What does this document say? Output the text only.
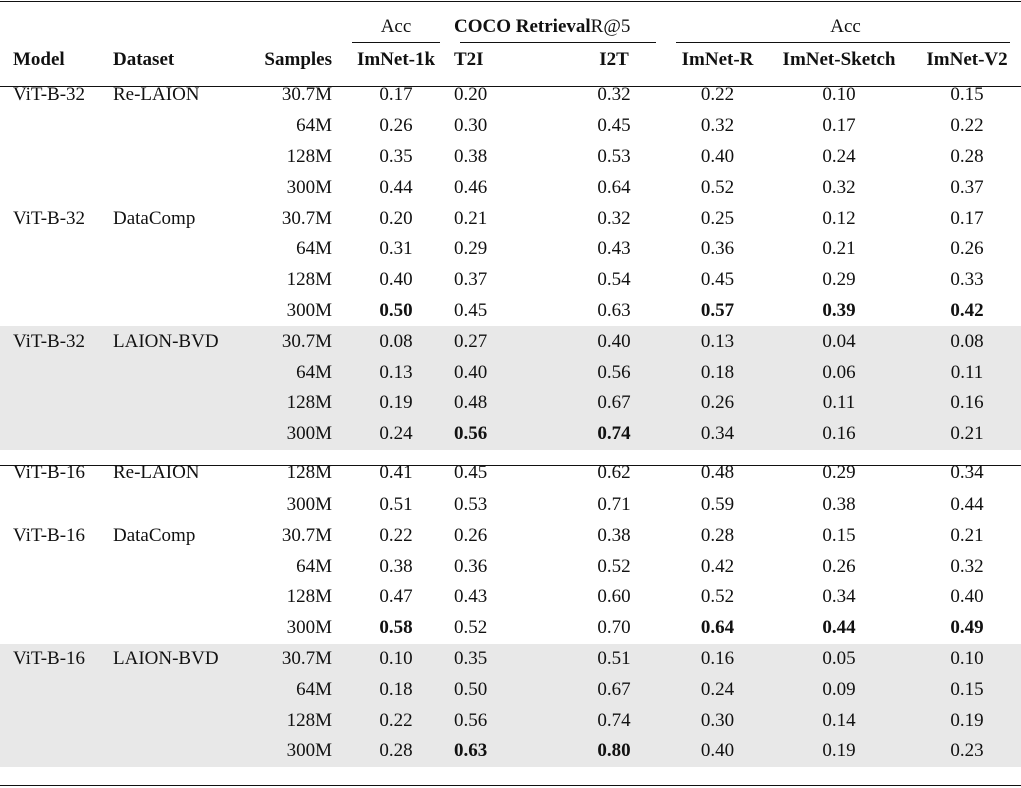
			Acc	COCO RetrievalR@5		Acc		
Model	Dataset	Samples	ImNet-1k	T2I	I2T	ImNet-R	ImNet-Sketch	ImNet-V2
ViT-B-32	Re-LAION	30.7M	0.17	0.20	0.32	0.22	0.10	0.15
		64M	0.26	0.30	0.45	0.32	0.17	0.22
		128M	0.35	0.38	0.53	0.40	0.24	0.28
		300M	0.44	0.46	0.64	0.52	0.32	0.37
ViT-B-32	DataComp	30.7M	0.20	0.21	0.32	0.25	0.12	0.17
		64M	0.31	0.29	0.43	0.36	0.21	0.26
		128M	0.40	0.37	0.54	0.45	0.29	0.33
		300M	0.50	0.45	0.63	0.57	0.39	0.42
ViT-B-32	LAION-BVD	30.7M	0.08	0.27	0.40	0.13	0.04	0.08
		64M	0.13	0.40	0.56	0.18	0.06	0.11
		128M	0.19	0.48	0.67	0.26	0.11	0.16
		300M	0.24	0.56	0.74	0.34	0.16	0.21
ViT-B-16	Re-LAION	128M	0.41	0.45	0.62	0.48	0.29	0.34
		300M	0.51	0.53	0.71	0.59	0.38	0.44
ViT-B-16	DataComp	30.7M	0.22	0.26	0.38	0.28	0.15	0.21
		64M	0.38	0.36	0.52	0.42	0.26	0.32
		128M	0.47	0.43	0.60	0.52	0.34	0.40
		300M	0.58	0.52	0.70	0.64	0.44	0.49
ViT-B-16	LAION-BVD	30.7M	0.10	0.35	0.51	0.16	0.05	0.10
		64M	0.18	0.50	0.67	0.24	0.09	0.15
		128M	0.22	0.56	0.74	0.30	0.14	0.19
		300M	0.28	0.63	0.80	0.40	0.19	0.23
